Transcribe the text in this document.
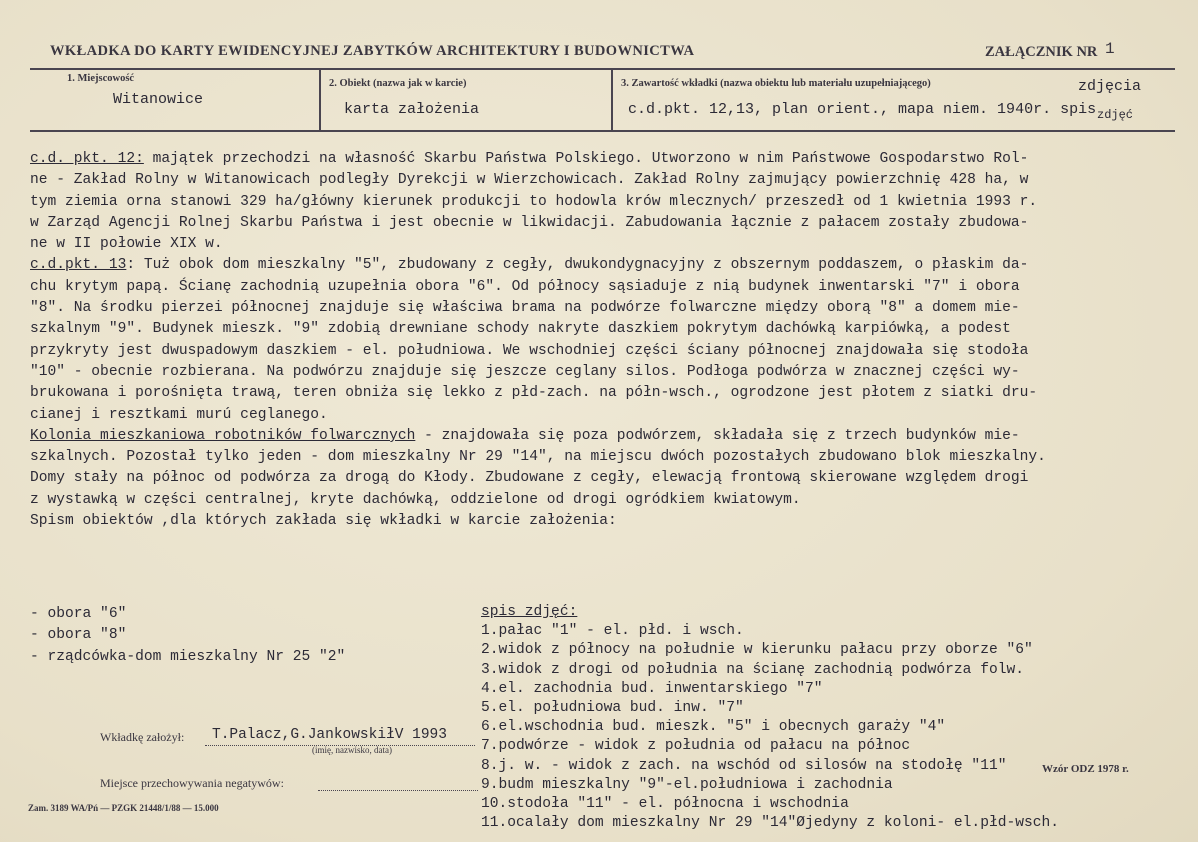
WKŁADKA DO KARTY EWIDENCYJNEJ ZABYTKÓW ARCHITEKTURY I BUDOWNICTWA	ZAŁĄCZNIK NR 1
1. Miejscowość
Witanowice
2. Obiekt (nazwa jak w karcie)
karta założenia
3. Zawartość wkładki (nazwa obiektu lub materiału uzupełniającego)
c.d.pkt. 12,13, plan orient., mapa niem. 1940r. spis
zdjęcia
zdjęć

c.d. pkt. 12: majątek przechodzi na własność Skarbu Państwa Polskiego. Utworzono w nim Państwowe Gospodarstwo Rol-

ne - Zakład Rolny w Witanowicach podległy Dyrekcji w Wierzchowicach. Zakład Rolny zajmujący powierzchnię 428 ha, w

tym ziemia orna stanowi 329 ha/główny kierunek produkcji to hodowla krów mlecznych/ przeszedł od 1 kwietnia 1993 r.

w Zarząd Agencji Rolnej Skarbu Państwa i jest obecnie w likwidacji. Zabudowania łącznie z pałacem zostały zbudowa-

ne w II połowie XIX w.

c.d.pkt. 13: Tuż obok dom mieszkalny "5", zbudowany z cegły, dwukondygnacyjny z obszernym poddaszem, o płaskim da-

chu krytym papą. Ścianę zachodnią uzupełnia obora "6". Od północy sąsiaduje z nią budynek inwentarski "7" i obora

"8". Na środku pierzei północnej znajduje się właściwa brama na podwórze folwarczne między oborą "8" a domem mie-

szkalnym "9". Budynek mieszk. "9" zdobią drewniane schody nakryte daszkiem pokrytym dachówką karpiówką, a podest

przykryty jest dwuspadowym daszkiem - el. południowa. We wschodniej części ściany północnej znajdowała się stodoła

"10" - obecnie rozbierana. Na podwórzu znajduje się jeszcze ceglany silos. Podłoga podwórza w znacznej części wy-

brukowana i porośnięta trawą, teren obniża się lekko z płd-zach. na półn-wsch., ogrodzone jest płotem z siatki dru-

cianej i resztkami murú ceglanego.

Kolonia mieszkaniowa robotników folwarcznych - znajdowała się poza podwórzem, składała się z trzech budynków mie-

szkalnych. Pozostał tylko jeden - dom mieszkalny Nr 29 "14", na miejscu dwóch pozostałych zbudowano blok mieszkalny.

Domy stały na północ od podwórza za drogą do Kłody. Zbudowane z cegły, elewacją frontową skierowane względem drogi

z wystawką w części centralnej, kryte dachówką, oddzielone od drogi ogródkiem kwiatowym.

Spism obiektów ,dla których zakłada się wkładki w karcie założenia:

- obora "6"
- obora "8"
- rządcówka-dom mieszkalny Nr 25 "2"
spis zdjęć:
1.pałac "1" - el. płd. i wsch.
2.widok z północy na południe w kierunku pałacu przy oborze "6"
3.widok z drogi od południa na ścianę zachodnią podwórza folw.
4.el. zachodnia bud. inwentarskiego "7"
5.el. południowa bud. inw. "7"
6.el.wschodnia bud. mieszk. "5" i obecnych garaży "4"
7.podwórze - widok z południa od pałacu na północ
8.j. w. - widok z zach. na wschód od silosów na stodołę "11"
9.budm mieszkalny "9"-el.południowa i zachodnia
10.stodoła "11" - el. północna i wschodnia
11.ocalały dom mieszkalny Nr 29 "14"Øjedyny z koloni- el.płd-wsch.
Wkładkę założył: T.Palacz,G.JankowskiłV 1993
(imię, nazwisko, data)
Miejsce przechowywania negatywów:
Wzór ODZ 1978 r.
Zam. 3189 WA/Pń — PZGK 21448/1/88 — 15.000
